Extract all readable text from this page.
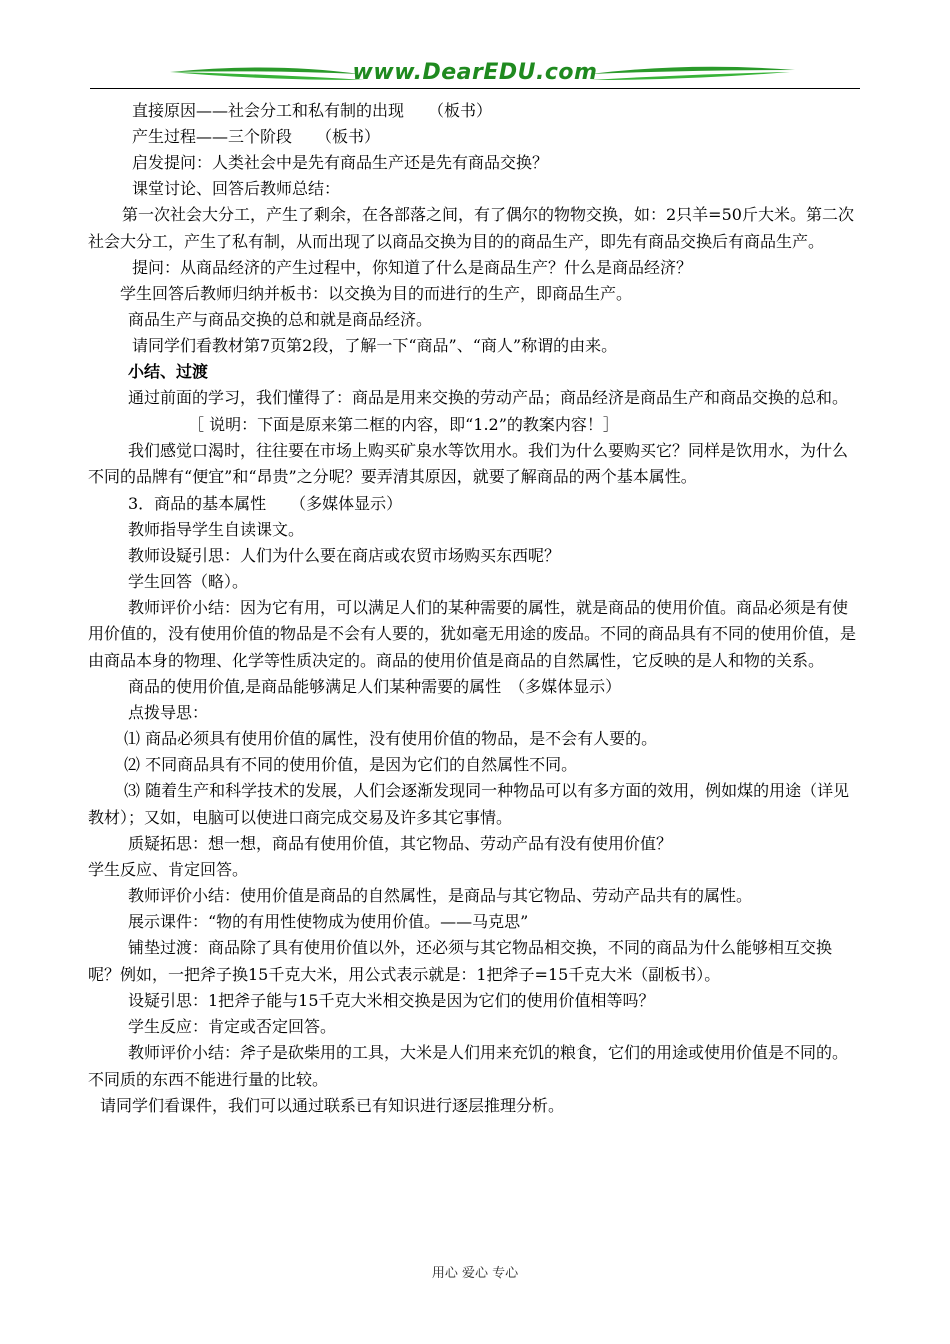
www.DearEDU.com

直接原因——社会分工和私有制的出现　　（板书）

产生过程——三个阶段　　（板书）

启发提问：人类社会中是先有商品生产还是先有商品交换？

课堂讨论、回答后教师总结：

第一次社会大分工，产生了剩余，在各部落之间，有了偶尔的物物交换，如：2只羊=50斤大米。第二次社会大分工，产生了私有制，从而出现了以商品交换为目的的商品生产，即先有商品交换后有商品生产。

提问：从商品经济的产生过程中，你知道了什么是商品生产？什么是商品经济？

学生回答后教师归纳并板书：以交换为目的而进行的生产，即商品生产。

商品生产与商品交换的总和就是商品经济。

请同学们看教材第7页第2段，了解一下“商品”、“商人”称谓的由来。

小结、过渡

通过前面的学习，我们懂得了：商品是用来交换的劳动产品；商品经济是商品生产和商品交换的总和。

［ 说明：下面是原来第二框的内容，即“1.2”的教案内容！］

我们感觉口渴时，往往要在市场上购买矿泉水等饮用水。我们为什么要购买它？同样是饮用水，为什么不同的品牌有“便宜”和“昂贵”之分呢？要弄清其原因，就要了解商品的两个基本属性。

3．商品的基本属性　　（多媒体显示）

教师指导学生自读课文。

教师设疑引思：人们为什么要在商店或农贸市场购买东西呢？

学生回答（略）。

教师评价小结：因为它有用，可以满足人们的某种需要的属性，就是商品的使用价值。商品必须是有使用价值的，没有使用价值的物品是不会有人要的，犹如毫无用途的废品。不同的商品具有不同的使用价值，是由商品本身的物理、化学等性质决定的。商品的使用价值是商品的自然属性，它反映的是人和物的关系。

商品的使用价值,是商品能够满足人们某种需要的属性　（多媒体显示）

点拨导思：

⑴ 商品必须具有使用价值的属性，没有使用价值的物品，是不会有人要的。

⑵ 不同商品具有不同的使用价值，是因为它们的自然属性不同。

⑶ 随着生产和科学技术的发展，人们会逐渐发现同一种物品可以有多方面的效用，例如煤的用途（详见教材）；又如，电脑可以使进口商完成交易及许多其它事情。

质疑拓思：想一想，商品有使用价值，其它物品、劳动产品有没有使用价值？

学生反应、肯定回答。

教师评价小结：使用价值是商品的自然属性，是商品与其它物品、劳动产品共有的属性。

展示课件：“物的有用性使物成为使用价值。——马克思”

铺垫过渡：商品除了具有使用价值以外，还必须与其它物品相交换，不同的商品为什么能够相互交换呢？例如，一把斧子换15千克大米，用公式表示就是：1把斧子=15千克大米（副板书）。

设疑引思：1把斧子能与15千克大米相交换是因为它们的使用价值相等吗？

学生反应：肯定或否定回答。

教师评价小结：斧子是砍柴用的工具，大米是人们用来充饥的粮食，它们的用途或使用价值是不同的。不同质的东西不能进行量的比较。

请同学们看课件，我们可以通过联系已有知识进行逐层推理分析。

用心 爱心 专心
